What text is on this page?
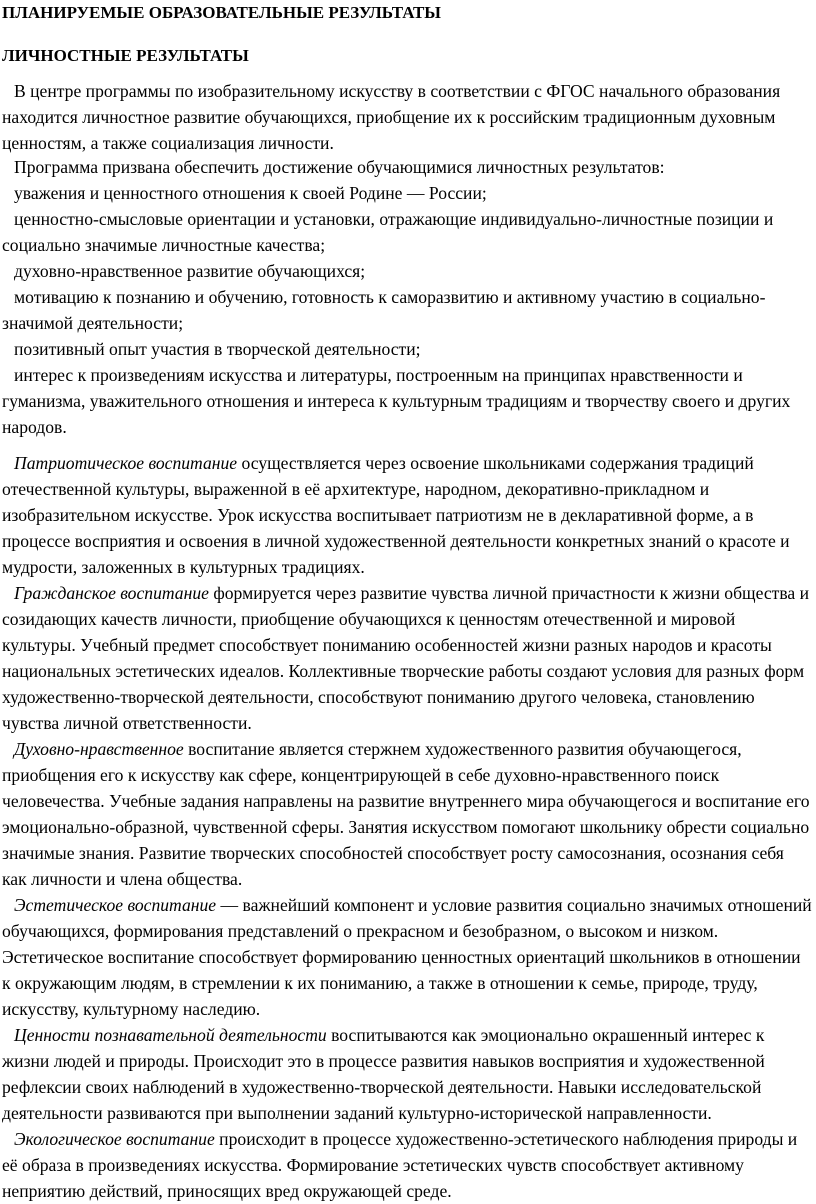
ПЛАНИРУЕМЫЕ ОБРАЗОВАТЕЛЬНЫЕ РЕЗУЛЬТАТЫ
ЛИЧНОСТНЫЕ РЕЗУЛЬТАТЫ

В центре программы по изобразительному искусству в соответствии с ФГОС начального образования находится личностное развитие обучающихся, приобщение их к российским традиционным духовным ценностям, а также социализация личности.

Программа призвана обеспечить достижение обучающимися личностных результатов:

уважения и ценностного отношения к своей Родине — России;

ценностно-смысловые ориентации и установки, отражающие индивидуально-личностные позиции и социально значимые личностные качества;

духовно-нравственное развитие обучающихся;

мотивацию к познанию и обучению, готовность к саморазвитию и активному участию в социально-значимой деятельности;

позитивный опыт участия в творческой деятельности;

интерес к произведениям искусства и литературы, построенным на принципах нравственности и гуманизма, уважительного отношения и интереса к культурным традициям и творчеству своего и других народов.

Патриотическое воспитание осуществляется через освоение школьниками содержания традиций отечественной культуры, выраженной в её архитектуре, народном, декоративно-прикладном и изобразительном искусстве. Урок искусства воспитывает патриотизм не в декларативной форме, а в процессе восприятия и освоения в личной художественной деятельности конкретных знаний о красоте и мудрости, заложенных в культурных традициях.

Гражданское воспитание формируется через развитие чувства личной причастности к жизни общества и созидающих качеств личности, приобщение обучающихся к ценностям отечественной и мировой культуры. Учебный предмет способствует пониманию особенностей жизни разных народов и красоты национальных эстетических идеалов. Коллективные творческие работы создают условия для разных форм художественно-творческой деятельности, способствуют пониманию другого человека, становлению чувства личной ответственности.

Духовно-нравственное воспитание является стержнем художественного развития обучающегося, приобщения его к искусству как сфере, концентрирующей в себе духовно-нравственного поиск человечества. Учебные задания направлены на развитие внутреннего мира обучающегося и воспитание его эмоционально-образной, чувственной сферы. Занятия искусством помогают школьнику обрести социально значимые знания. Развитие творческих способностей способствует росту самосознания, осознания себя как личности и члена общества.

Эстетическое воспитание — важнейший компонент и условие развития социально значимых отношений обучающихся, формирования представлений о прекрасном и безобразном, о высоком и низком. Эстетическое воспитание способствует формированию ценностных ориентаций школьников в отношении к окружающим людям, в стремлении к их пониманию, а также в отношении к семье, природе, труду, искусству, культурному наследию.

Ценности познавательной деятельности воспитываются как эмоционально окрашенный интерес к жизни людей и природы. Происходит это в процессе развития навыков восприятия и художественной рефлексии своих наблюдений в художественно-творческой деятельности. Навыки исследовательской деятельности развиваются при выполнении заданий культурно-исторической направленности.

Экологическое воспитание происходит в процессе художественно-эстетического наблюдения природы и её образа в произведениях искусства. Формирование эстетических чувств способствует активному неприятию действий, приносящих вред окружающей среде.
